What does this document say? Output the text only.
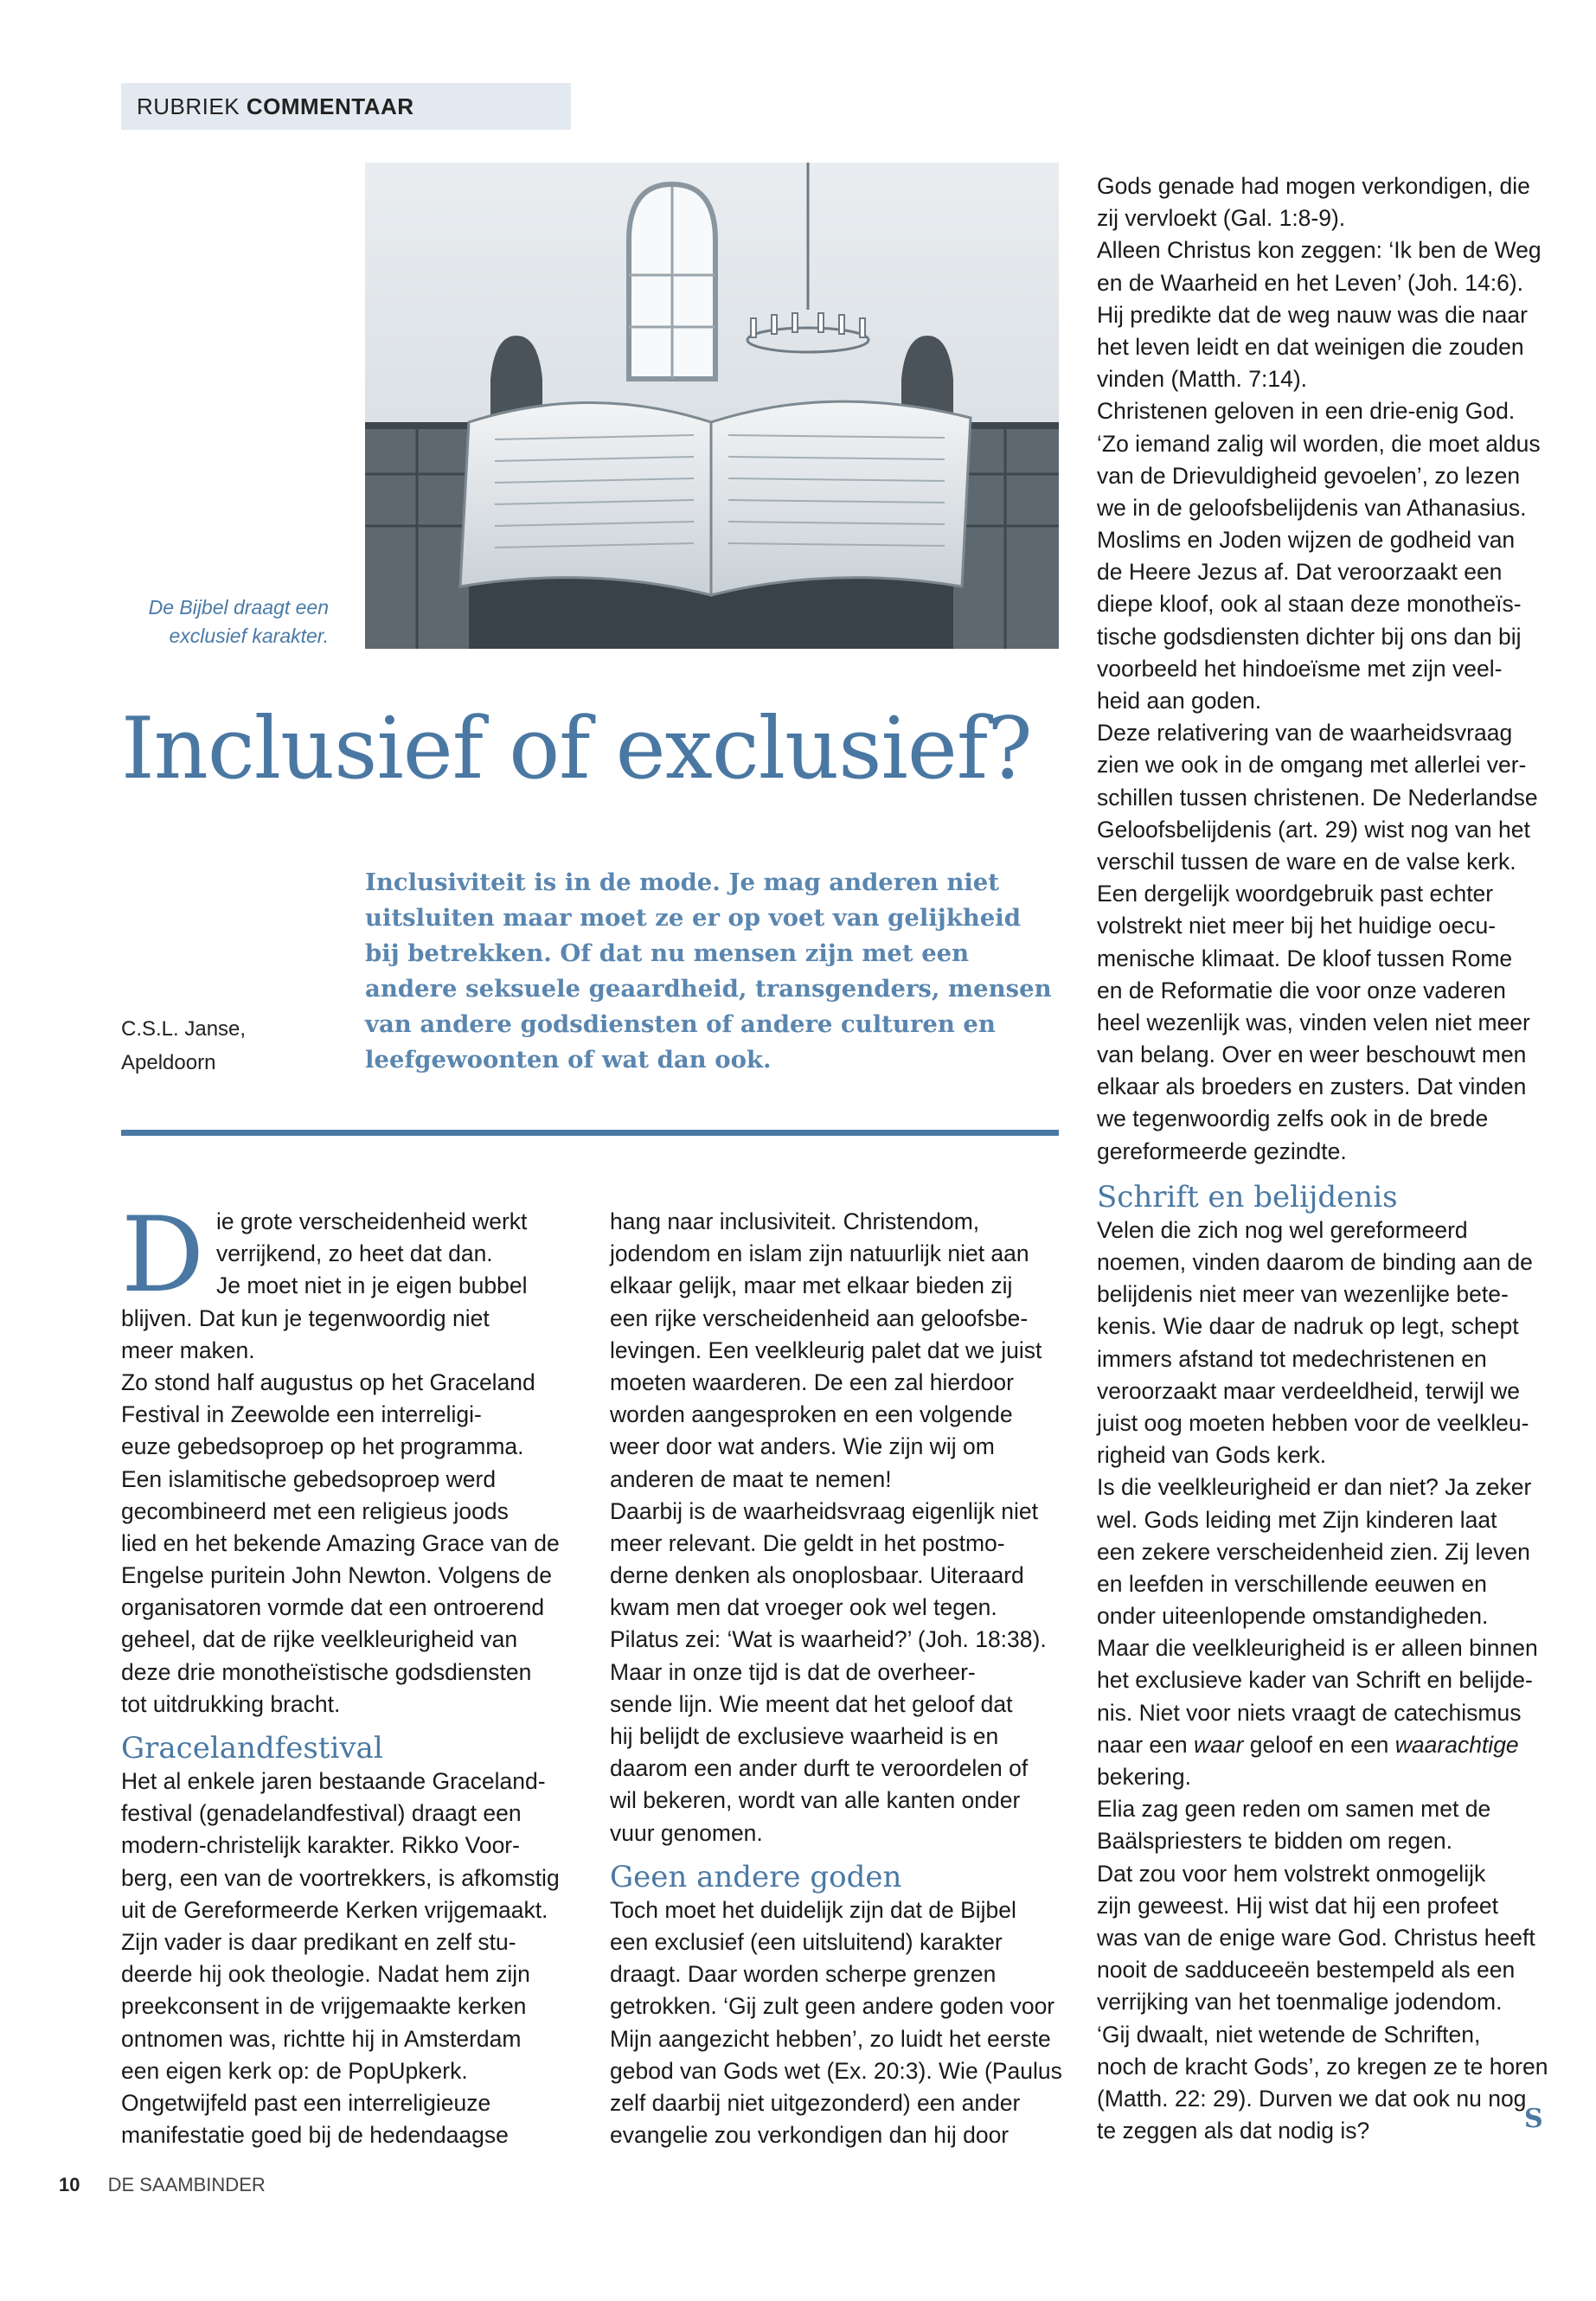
RUBRIEK COMMENTAAR
De Bijbel draagt een
exclusief karakter.
Inclusief of exclusief?
Inclusiviteit is in de mode. Je mag anderen niet
uitsluiten maar moet ze er op voet van gelijkheid
bij betrekken. Of dat nu mensen zijn met een
andere seksuele geaardheid, transgenders, mensen
van andere godsdiensten of andere culturen en
leefgewoonten of wat dan ook.
C.S.L. Janse,
Apeldoorn
D ie grote verscheidenheid werkt
verrijkend, zo heet dat dan.
Je moet niet in je eigen bubbel
blijven. Dat kun je tegenwoordig niet
meer maken.
Zo stond half augustus op het Graceland
Festival in Zeewolde een interreligi-
euze gebedsoproep op het programma.
Een islamitische gebedsoproep werd
gecombineerd met een religieus joods
lied en het bekende Amazing Grace van de
Engelse puritein John Newton. Volgens de
organisatoren vormde dat een ontroerend
geheel, dat de rijke veelkleurigheid van
deze drie monotheïstische godsdiensten
tot uitdrukking bracht.
Gracelandfestival
Het al enkele jaren bestaande Graceland-
festival (genadelandfestival) draagt een
modern-christelijk karakter. Rikko Voor-
berg, een van de voortrekkers, is afkomstig
uit de Gereformeerde Kerken vrijgemaakt.
Zijn vader is daar predikant en zelf stu-
deerde hij ook theologie. Nadat hem zijn
preekconsent in de vrijgemaakte kerken
ontnomen was, richtte hij in Amsterdam
een eigen kerk op: de PopUpkerk.
Ongetwijfeld past een interreligieuze
manifestatie goed bij de hedendaagse
hang naar inclusiviteit. Christendom,
jodendom en islam zijn natuurlijk niet aan
elkaar gelijk, maar met elkaar bieden zij
een rijke verscheidenheid aan geloofsbe-
levingen. Een veelkleurig palet dat we juist
moeten waarderen. De een zal hierdoor
worden aangesproken en een volgende
weer door wat anders. Wie zijn wij om
anderen de maat te nemen!
Daarbij is de waarheidsvraag eigenlijk niet
meer relevant. Die geldt in het postmo-
derne denken als onoplosbaar. Uiteraard
kwam men dat vroeger ook wel tegen.
Pilatus zei: ‘Wat is waarheid?’ (Joh. 18:38).
Maar in onze tijd is dat de overheer-
sende lijn. Wie meent dat het geloof dat
hij belijdt de exclusieve waarheid is en
daarom een ander durft te veroordelen of
wil bekeren, wordt van alle kanten onder
vuur genomen.
Geen andere goden
Toch moet het duidelijk zijn dat de Bijbel
een exclusief (een uitsluitend) karakter
draagt. Daar worden scherpe grenzen
getrokken. ‘Gij zult geen andere goden voor
Mijn aangezicht hebben’, zo luidt het eerste
gebod van Gods wet (Ex. 20:3). Wie (Paulus
zelf daarbij niet uitgezonderd) een ander
evangelie zou verkondigen dan hij door
Gods genade had mogen verkondigen, die
zij vervloekt (Gal. 1:8-9).
Alleen Christus kon zeggen: ‘Ik ben de Weg
en de Waarheid en het Leven’ (Joh. 14:6).
Hij predikte dat de weg nauw was die naar
het leven leidt en dat weinigen die zouden
vinden (Matth. 7:14).
Christenen geloven in een drie-enig God.
‘Zo iemand zalig wil worden, die moet aldus
van de Drievuldigheid gevoelen’, zo lezen
we in de geloofsbelijdenis van Athanasius.
Moslims en Joden wijzen de godheid van
de Heere Jezus af. Dat veroorzaakt een
diepe kloof, ook al staan deze monotheïs-
tische godsdiensten dichter bij ons dan bij
voorbeeld het hindoeïsme met zijn veel-
heid aan goden.
Deze relativering van de waarheidsvraag
zien we ook in de omgang met allerlei ver-
schillen tussen christenen. De Nederlandse
Geloofsbelijdenis (art. 29) wist nog van het
verschil tussen de ware en de valse kerk.
Een dergelijk woordgebruik past echter
volstrekt niet meer bij het huidige oecu-
menische klimaat. De kloof tussen Rome
en de Reformatie die voor onze vaderen
heel wezenlijk was, vinden velen niet meer
van belang. Over en weer beschouwt men
elkaar als broeders en zusters. Dat vinden
we tegenwoordig zelfs ook in de brede
gereformeerde gezindte.
Schrift en belijdenis
Velen die zich nog wel gereformeerd
noemen, vinden daarom de binding aan de
belijdenis niet meer van wezenlijke bete-
kenis. Wie daar de nadruk op legt, schept
immers afstand tot medechristenen en
veroorzaakt maar verdeeldheid, terwijl we
juist oog moeten hebben voor de veelkleu-
righeid van Gods kerk.
Is die veelkleurigheid er dan niet? Ja zeker
wel. Gods leiding met Zijn kinderen laat
een zekere verscheidenheid zien. Zij leven
en leefden in verschillende eeuwen en
onder uiteenlopende omstandigheden.
Maar die veelkleurigheid is er alleen binnen
het exclusieve kader van Schrift en belijde-
nis. Niet voor niets vraagt de catechismus
naar een waar geloof en een waarachtige
bekering.
Elia zag geen reden om samen met de
Baälspriesters te bidden om regen.
Dat zou voor hem volstrekt onmogelijk
zijn geweest. Hij wist dat hij een profeet
was van de enige ware God. Christus heeft
nooit de sadduceeën bestempeld als een
verrijking van het toenmalige jodendom.
‘Gij dwaalt, niet wetende de Schriften,
noch de kracht Gods’, zo kregen ze te horen
(Matth. 22: 29). Durven we dat ook nu nog
te zeggen als dat nodig is?	S
10 DE SAAMBINDER
